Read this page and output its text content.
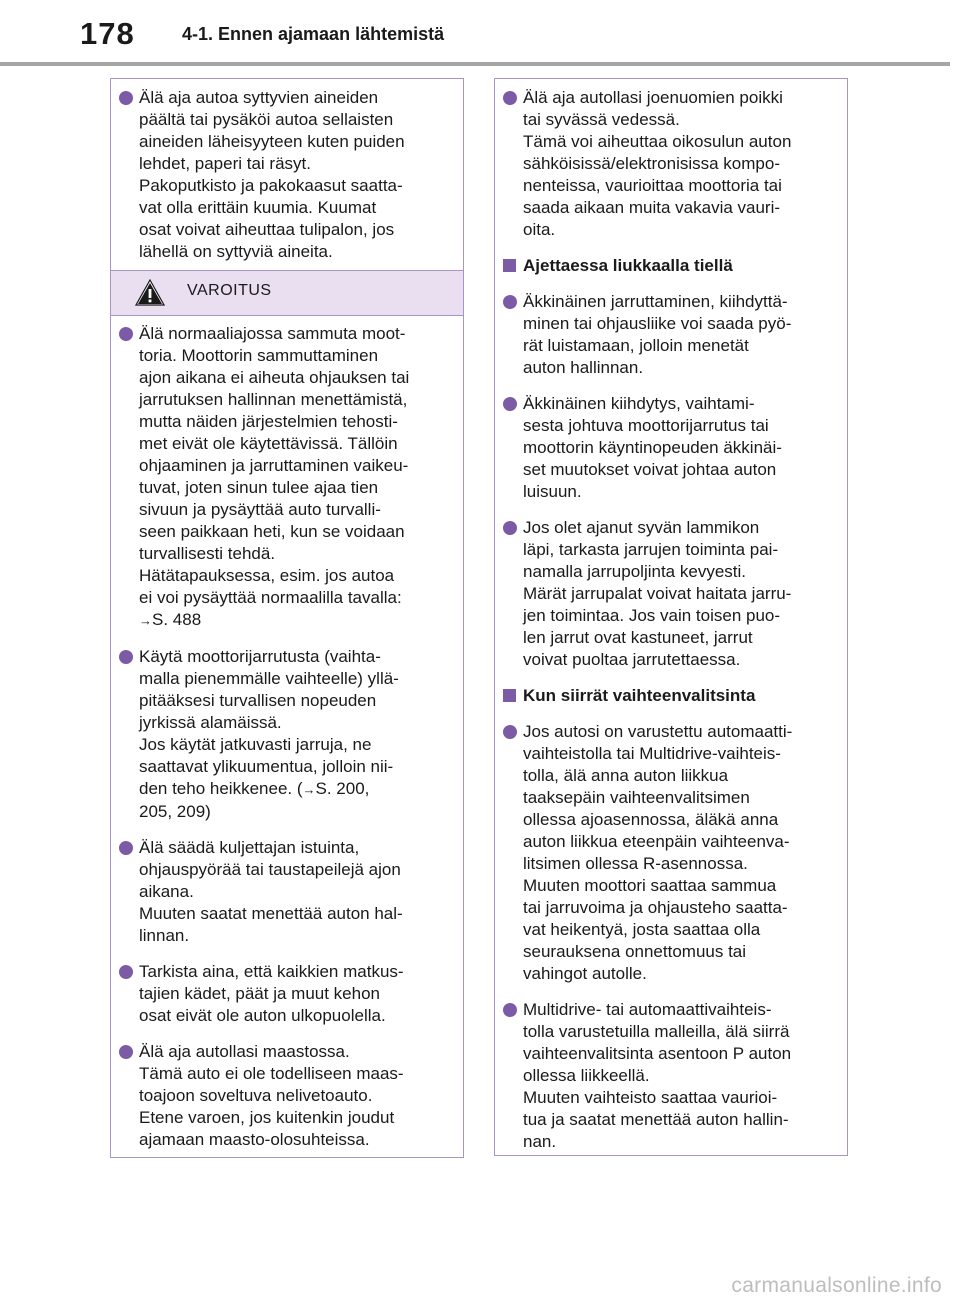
178	4-1. Ennen ajamaan lähtemistä
Älä aja autoa syttyvien aineiden
päältä tai pysäköi autoa sellaisten
aineiden läheisyyteen kuten puiden
lehdet, paperi tai räsyt.
Pakoputkisto ja pakokaasut saatta-
vat olla erittäin kuumia. Kuumat
osat voivat aiheuttaa tulipalon, jos
lähellä on syttyviä aineita.
VAROITUS
Älä normaaliajossa sammuta moot-
toria. Moottorin sammuttaminen
ajon aikana ei aiheuta ohjauksen tai
jarrutuksen hallinnan menettämistä,
mutta näiden järjestelmien tehosti-
met eivät ole käytettävissä. Tällöin
ohjaaminen ja jarruttaminen vaikeu-
tuvat, joten sinun tulee ajaa tien
sivuun ja pysäyttää auto turvalli-
seen paikkaan heti, kun se voidaan
turvallisesti tehdä.
Hätätapauksessa, esim. jos autoa
ei voi pysäyttää normaalilla tavalla:
→S. 488
Käytä moottorijarrutusta (vaihta-
malla pienemmälle vaihteelle) yllä-
pitääksesi turvallisen nopeuden
jyrkissä alamäissä.
Jos käytät jatkuvasti jarruja, ne
saattavat ylikuumentua, jolloin nii-
den teho heikkenee. (→S. 200,
205, 209)
Älä säädä kuljettajan istuinta,
ohjauspyörää tai taustapeilejä ajon
aikana.
Muuten saatat menettää auton hal-
linnan.
Tarkista aina, että kaikkien matkus-
tajien kädet, päät ja muut kehon
osat eivät ole auton ulkopuolella.
Älä aja autollasi maastossa.
Tämä auto ei ole todelliseen maas-
toajoon soveltuva nelivetoauto.
Etene varoen, jos kuitenkin joudut
ajamaan maasto-olosuhteissa.
Älä aja autollasi joenuomien poikki
tai syvässä vedessä.
Tämä voi aiheuttaa oikosulun auton
sähköisissä/elektronisissa kompo-
nenteissa, vaurioittaa moottoria tai
saada aikaan muita vakavia vauri-
oita.
Ajettaessa liukkaalla tiellä
Äkkinäinen jarruttaminen, kiihdyttä-
minen tai ohjausliike voi saada pyö-
rät luistamaan, jolloin menetät
auton hallinnan.
Äkkinäinen kiihdytys, vaihtami-
sesta johtuva moottorijarrutus tai
moottorin käyntinopeuden äkkinäi-
set muutokset voivat johtaa auton
luisuun.
Jos olet ajanut syvän lammikon
läpi, tarkasta jarrujen toiminta pai-
namalla jarrupoljinta kevyesti.
Märät jarrupalat voivat haitata jarru-
jen toimintaa. Jos vain toisen puo-
len jarrut ovat kastuneet, jarrut
voivat puoltaa jarrutettaessa.
Kun siirrät vaihteenvalitsinta
Jos autosi on varustettu automaatti-
vaihteistolla tai Multidrive-vaihteis-
tolla, älä anna auton liikkua
taaksepäin vaihteenvalitsimen
ollessa ajoasennossa, äläkä anna
auton liikkua eteenpäin vaihteenva-
litsimen ollessa R-asennossa.
Muuten moottori saattaa sammua
tai jarruvoima ja ohjausteho saatta-
vat heikentyä, josta saattaa olla
seurauksena onnettomuus tai
vahingot autolle.
Multidrive- tai automaattivaihteis-
tolla varustetuilla malleilla, älä siirrä
vaihteenvalitsinta asentoon P auton
ollessa liikkeellä.
Muuten vaihteisto saattaa vaurioi-
tua ja saatat menettää auton hallin-
nan.
carmanualsonline.info
